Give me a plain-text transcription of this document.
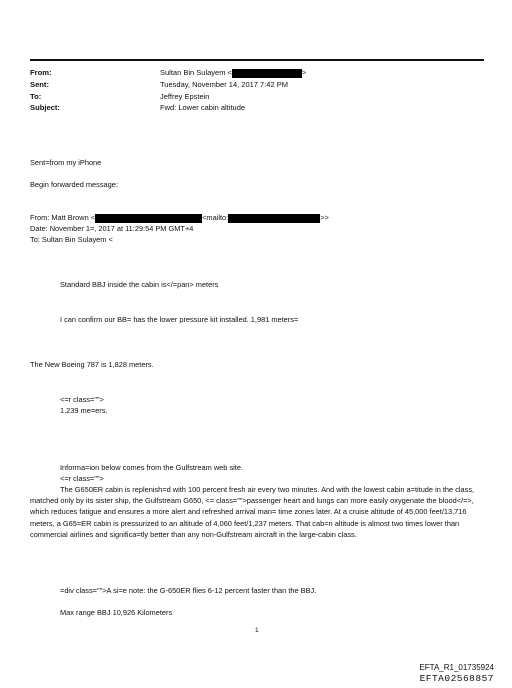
From:	Sultan Bin Sulayem <	>
Sent:	Tuesday, November 14, 2017 7:42 PM
To:	Jeffrey Epstein
Subject:	Fwd: Lower cabin altitude
Sent=from my iPhone
Begin forwarded message:
From: Matt Brown <	<mailto:	>>
Date: November 1=, 2017 at 11:29:54 PM GMT+4
To: Sultan Bin Sulayem <
Standard BBJ inside the cabin is</=pan> meters
I can confirm our BB= has the lower pressure kit installed. 1,981 meters=
The New Boeing 787 is 1,828 meters.
<=r class="">
1,239 me=ers.
Informa=ion below comes from the Gulfstream web site.
<=r class="">
The G650ER cabin is replenish=d with 100 percent fresh air every two minutes. And with the lowest cabin a=titude in the class, matched only by its sister ship, the Gulfstream G650, <= class="">passenger heart and lungs can more easily oxygenate the blood</=>, which reduces fatigue and ensures a more alert and refreshed arrival man= time zones later. At a cruise altitude of 45,000 feet/13,716 meters, a G65=ER cabin is pressurized to an altitude of 4,060 feet/1,237 meters. That cab=n altitude is almost two times lower than commercial airlines and significa=tly better than any non-Gulfstream aircraft in the large-cabin class.
=div class="">A si=e note: the G-650ER flies 6-12 percent faster than the BBJ.
Max range BBJ 10,926 Kilometers
1
EFTA_R1_01735924
EFTA02568857
